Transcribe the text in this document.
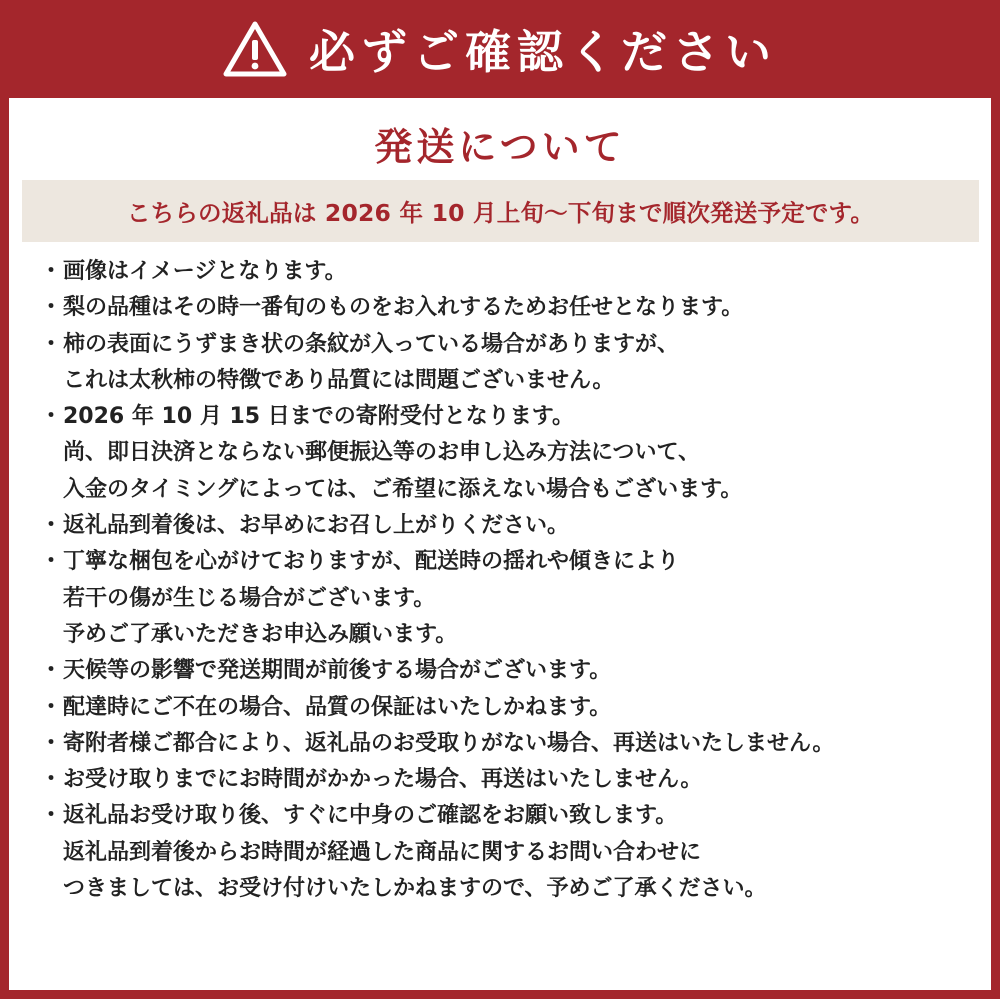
必ずご確認ください
発送について
こちらの返礼品は 2026 年 10 月上旬～下旬まで順次発送予定です。
・ 画像はイメージとなります。
・ 梨の品種はその時一番旬のものをお入れするためお任せとなります。
・ 柿の表面にうずまき状の条紋が入っている場合がありますが、
これは太秋柿の特徴であり品質には問題ございません。
・ 2026 年 10 月 15 日までの寄附受付となります。
尚、即日決済とならない郵便振込等のお申し込み方法について、
入金のタイミングによっては、ご希望に添えない場合もございます。
・ 返礼品到着後は、お早めにお召し上がりください。
・ 丁寧な梱包を心がけておりますが、配送時の揺れや傾きにより
若干の傷が生じる場合がございます。
予めご了承いただきお申込み願います。
・ 天候等の影響で発送期間が前後する場合がございます。
・ 配達時にご不在の場合、品質の保証はいたしかねます。
・ 寄附者様ご都合により、返礼品のお受取りがない場合、再送はいたしません。
・ お受け取りまでにお時間がかかった場合、再送はいたしません。
・ 返礼品お受け取り後、すぐに中身のご確認をお願い致します。
返礼品到着後からお時間が経過した商品に関するお問い合わせに
つきましては、お受け付けいたしかねますので、予めご了承ください。
